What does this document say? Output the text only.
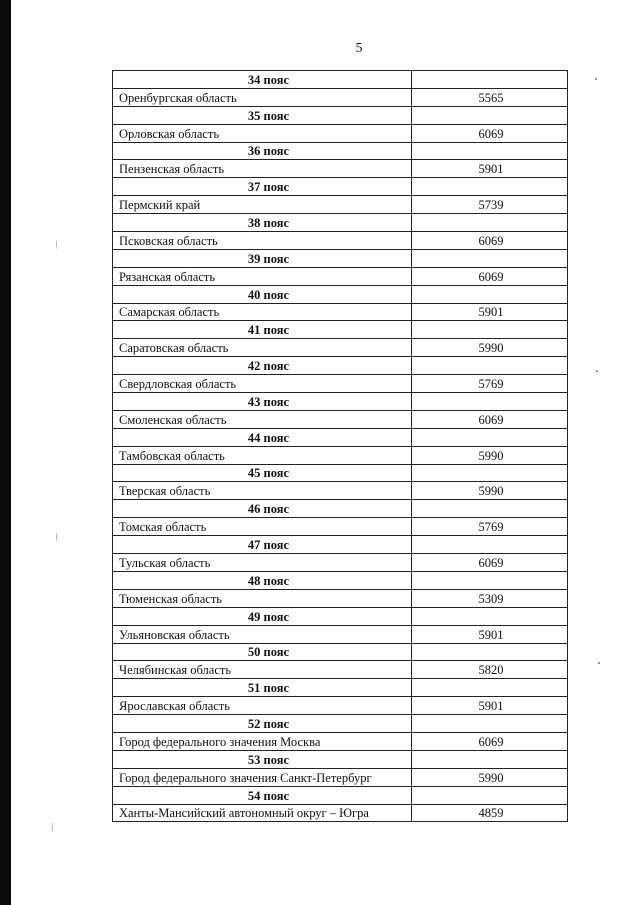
5
34 пояс	
Оренбургская область	5565
35 пояс	
Орловская область	6069
36 пояс	
Пензенская область	5901
37 пояс	
Пермский край	5739
38 пояс	
Псковская область	6069
39 пояс	
Рязанская область	6069
40 пояс	
Самарская область	5901
41 пояс	
Саратовская область	5990
42 пояс	
Свердловская область	5769
43 пояс	
Смоленская область	6069
44 пояс	
Тамбовская область	5990
45 пояс	
Тверская область	5990
46 пояс	
Томская область	5769
47 пояс	
Тульская область	6069
48 пояс	
Тюменская область	5309
49 пояс	
Ульяновская область	5901
50 пояс	
Челябинская область	5820
51 пояс	
Ярославская область	5901
52 пояс	
Город федерального значения Москва	6069
53 пояс	
Город федерального значения Санкт-Петербург	5990
54 пояс	
Ханты-Мансийский автономный округ – Югра	4859
⁄
⁄
⁄
